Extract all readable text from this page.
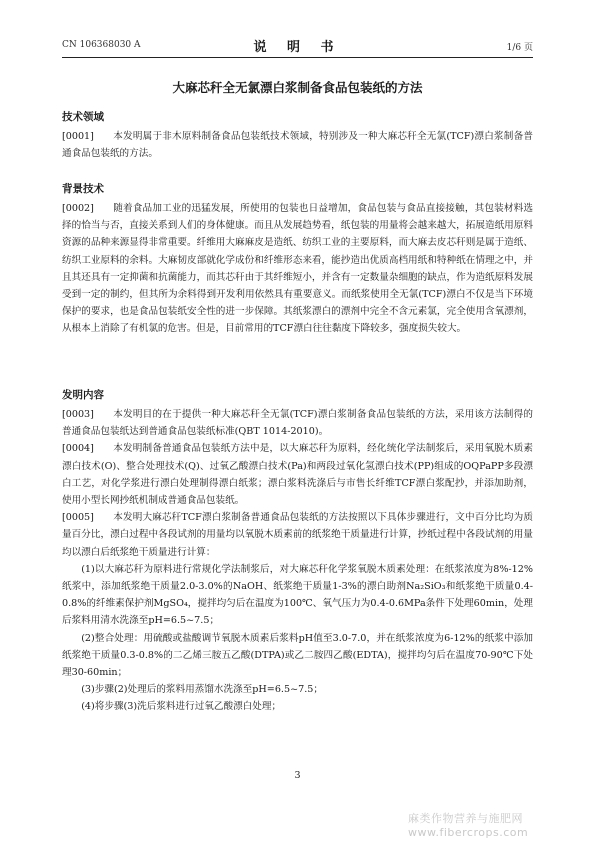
CN 106368030 A	说 明 书	1/6 页
大麻芯秆全无氯漂白浆制备食品包装纸的方法
技术领域

[0001]   本发明属于非木原料制备食品包装纸技术领域，特别涉及一种大麻芯秆全无氯(TCF)漂白浆制备普通食品包装纸的方法。

背景技术

[0002]   随着食品加工业的迅猛发展，所使用的包装也日益增加，食品包装与食品直接接触，其包装材料选择的恰当与否，直接关系到人们的身体健康。而且从发展趋势看，纸包装的用量将会越来越大，拓展造纸用原料资源的品种来源显得非常重要。纤维用大麻麻皮是造纸、纺织工业的主要原料，而大麻去皮芯秆则是属于造纸、纺织工业原料的余料。大麻韧皮部就化学成份和纤维形态来看，能抄造出优质高档用纸和特种纸在情理之中，并且其还具有一定抑菌和抗菌能力，而其芯秆由于其纤维短小，并含有一定数量杂细胞的缺点，作为造纸原料发展受到一定的制约，但其所为余料得到开发利用依然具有重要意义。而纸浆使用全无氯(TCF)漂白不仅是当下环境保护的要求，也是食品包装纸安全性的进一步保障。其纸浆漂白的漂剂中完全不含元素氯，完全使用含氧漂剂，从根本上消除了有机氯的危害。但是，目前常用的TCF漂白往往黏度下降较多，强度损失较大。

发明内容

[0003]   本发明目的在于提供一种大麻芯秆全无氯(TCF)漂白浆制备食品包装纸的方法，采用该方法制得的普通食品包装纸达到普通食品包装纸标准(QBT 1014-2010)。

[0004]   本发明制备普通食品包装纸方法中是，以大麻芯秆为原料，经化统化学法制浆后，采用氧脱木质素漂白技术(O)、整合处理技术(Q)、过氧乙酸漂白技术(Pa)和两段过氧化氢漂白技术(PP)组成的OQPaPP多段漂白工艺，对化学浆进行漂白处理制得漂白纸浆；漂白浆料洗涤后与市售长纤维TCF漂白浆配抄，并添加助剂，使用小型长网抄纸机制成普通食品包装纸。

[0005]   本发明大麻芯秆TCF漂白浆制备普通食品包装纸的方法按照以下具体步骤进行，文中百分比均为质量百分比，漂白过程中各段试剂的用量均以氧脱木质素前的纸浆绝干质量进行计算，抄纸过程中各段试剂的用量均以漂白后纸浆绝干质量进行计算：

(1)以大麻芯秆为原料进行常规化学法制浆后，对大麻芯秆化学浆氧脱木质素处理：在纸浆浓度为8%-12%纸浆中，添加纸浆绝干质量2.0-3.0%的NaOH、纸浆绝干质量1-3%的漂白助剂Na₂SiO₃和纸浆绝干质量0.4-0.8%的纤维素保护剂MgSO₄，搅拌均匀后在温度为100℃、氧气压力为0.4-0.6MPa条件下处理60min，处理后浆料用清水洗涤至pH=6.5~7.5；

(2)整合处理：用硫酸或盐酸调节氧脱木质素后浆料pH值至3.0-7.0，并在纸浆浓度为6-12%的纸浆中添加纸浆绝干质量0.3-0.8%的二乙烯三胺五乙酸(DTPA)或乙二胺四乙酸(EDTA)，搅拌均匀后在温度70-90℃下处理30-60min；

(3)步骤(2)处理后的浆料用蒸馏水洗涤至pH=6.5~7.5；

(4)将步骤(3)洗后浆料进行过氧乙酸漂白处理；

3
麻类作物营养与施肥网 www.fibercrops.com
